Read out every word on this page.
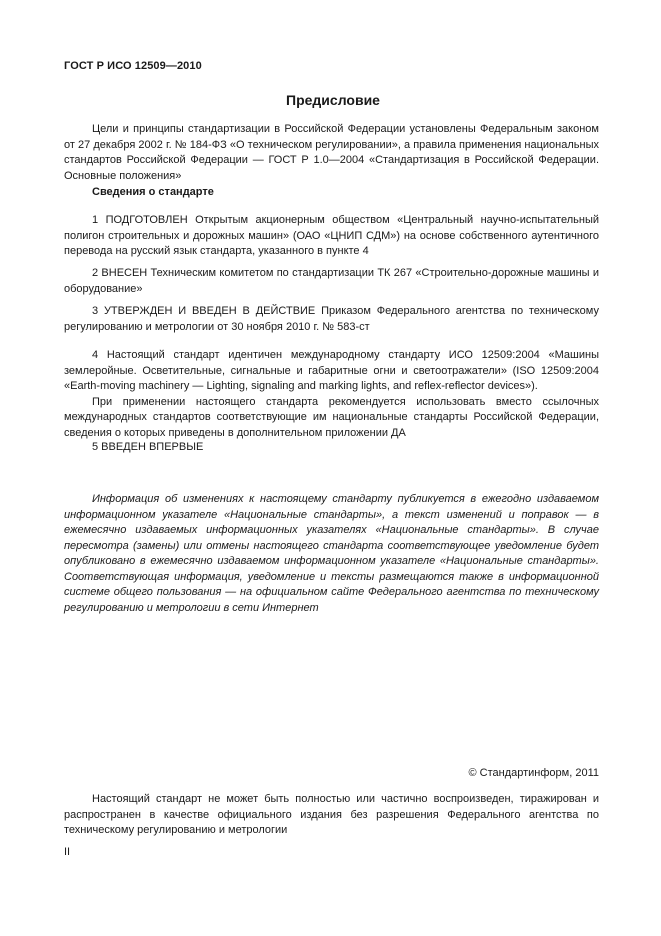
ГОСТ Р ИСО 12509—2010
Предисловие

Цели и принципы стандартизации в Российской Федерации установлены Федеральным законом от 27 декабря 2002 г. № 184-ФЗ «О техническом регулировании», а правила применения национальных стандартов Российской Федерации — ГОСТ Р 1.0—2004 «Стандартизация в Российской Федерации. Основные положения»

Сведения о стандарте

1 ПОДГОТОВЛЕН Открытым акционерным обществом «Центральный научно-испытательный полигон строительных и дорожных машин» (ОАО «ЦНИП СДМ») на основе собственного аутентичного перевода на русский язык стандарта, указанного в пункте 4

2 ВНЕСЕН Техническим комитетом по стандартизации ТК 267 «Строительно-дорожные машины и оборудование»

3 УТВЕРЖДЕН И ВВЕДЕН В ДЕЙСТВИЕ Приказом Федерального агентства по техническому регулированию и метрологии от 30 ноября 2010 г. № 583-ст

4 Настоящий стандарт идентичен международному стандарту ИСО 12509:2004 «Машины землеройные. Осветительные, сигнальные и габаритные огни и светоотражатели» (ISO 12509:2004 «Earth-moving machinery — Lighting, signaling and marking lights, and reflex-reflector devices»).

При применении настоящего стандарта рекомендуется использовать вместо ссылочных международных стандартов соответствующие им национальные стандарты Российской Федерации, сведения о которых приведены в дополнительном приложении ДА

5 ВВЕДЕН ВПЕРВЫЕ

Информация об изменениях к настоящему стандарту публикуется в ежегодно издаваемом информационном указателе «Национальные стандарты», а текст изменений и поправок — в ежемесячно издаваемых информационных указателях «Национальные стандарты». В случае пересмотра (замены) или отмены настоящего стандарта соответствующее уведомление будет опубликовано в ежемесячно издаваемом информационном указателе «Национальные стандарты». Соответствующая информация, уведомление и тексты размещаются также в информационной системе общего пользования — на официальном сайте Федерального агентства по техническому регулированию и метрологии в сети Интернет
© Стандартинформ, 2011
Настоящий стандарт не может быть полностью или частично воспроизведен, тиражирован и распространен в качестве официального издания без разрешения Федерального агентства по техническому регулированию и метрологии
II
